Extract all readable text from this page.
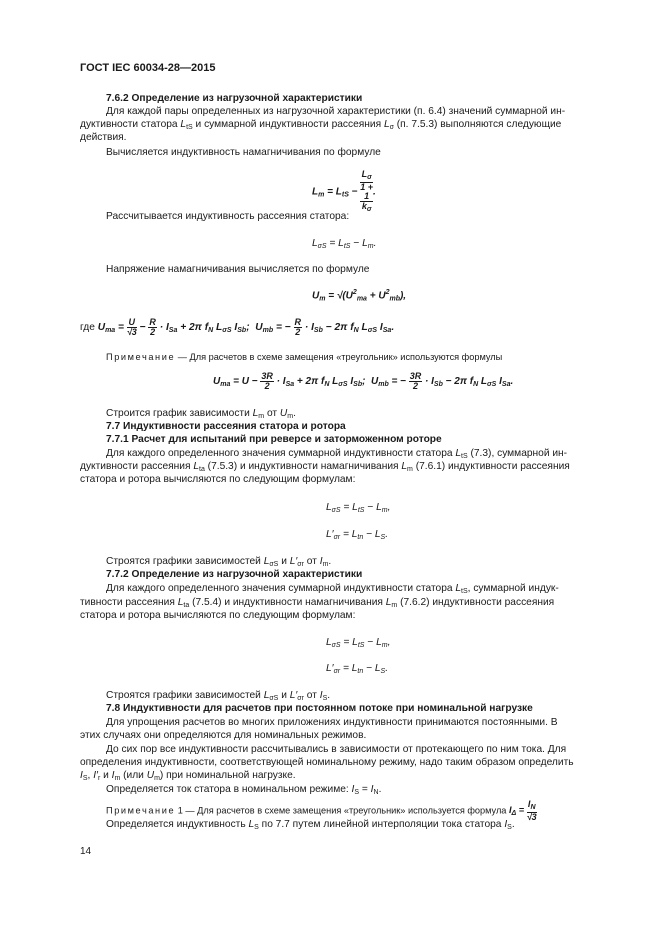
ГОСТ IEC 60034-28—2015
7.6.2 Определение из нагрузочной характеристики
Для каждой пары определенных из нагрузочной характеристики (п. 6.4) значений суммарной ин-
дуктивности статора $L_{tS}$ и суммарной индуктивности рассеяния $L_\sigma$ (п. 7.5.3) выполняются следующие
действия.
Вычисляется индуктивность намагничивания по формуле
$L_m = L_{tS} - L_\sigma$
1 +
1
$k_\sigma$ .
Рассчитывается индуктивность рассеяния статора:
$L_{\sigma S} = L_{tS} - L_m$.
Напряжение намагничивания вычисляется по формуле
$U_m = √(U^2_{ma} + U^2_{mb})$,
где $U_{ma} = \frac{U}{√3} - \frac{R}{2} \cdot I_{Sa} + 2\pi$ $f_N$ $L_{\sigma S}$ $I_{Sb}$;  $U_{mb}$ = − $\frac{R}{2} \cdot I_{Sb} - 2\pi$ $f_N$ $L_{\sigma S}$ $I_{Sa}$.
Примечание — Для расчетов в схеме замещения «треугольник» используются формулы
$U_{ma} = U - \frac{3R}{2} \cdot I_{Sa} + 2\pi$ $f_N$ $L_{\sigma S}$ $I_{Sb}$;  $U_{mb}$ = − $\frac{3R}{2} \cdot I_{Sb} - 2\pi$ $f_N$ $L_{\sigma S}$ $I_{Sa}$.
Строится график зависимости $L_m$ от $U_m$.
7.7 Индуктивности рассеяния статора и ротора
7.7.1 Расчет для испытаний при реверсе и заторможенном роторе
Для каждого определенного значения суммарной индуктивности статора $L_{tS}$ (7.3), суммарной ин-
дуктивности рассеяния $L_{ta}$ (7.5.3) и индуктивности намагничивания $L_m$ (7.6.1) индуктивности рассеяния
статора и ротора вычисляются по следующим формулам:
$L_{\sigma S} = L_{tS} - L_m$,
$L'_{\sigma r} = L_{tn} - L_S$.
Строятся графики зависимостей $L_{\sigma S}$ и $L'_{\sigma r}$ от $I_m$.
7.7.2 Определение из нагрузочной характеристики
Для каждого определенного значения суммарной индуктивности статора $L_{tS}$, суммарной индук-
тивности рассеяния $L_{ta}$ (7.5.4) и индуктивности намагничивания $L_m$ (7.6.2) индуктивности рассеяния
статора и ротора вычисляются по следующим формулам:
$L_{\sigma S} = L_{tS} - L_m$,
$L'_{\sigma r} = L_{tn} - L_S$.
Строятся графики зависимостей $L_{\sigma S}$ и $L'_{\sigma r}$ от $I_S$.
7.8 Индуктивности для расчетов при постоянном потоке при номинальной нагрузке
Для упрощения расчетов во многих приложениях индуктивности принимаются постоянными. В
этих случаях они определяются для номинальных режимов.
До сих пор все индуктивности рассчитывались в зависимости от протекающего по ним тока. Для
определения индуктивности, соответствующей номинальному режиму, надо таким образом определить
$I_S$, $I'_r$ и $I_m$ (или $U_m$) при номинальной нагрузке.
Определяется ток статора в номинальном режиме: $I_S = I_N$.
Примечание 1 — Для расчетов в схеме замещения «треугольник» используется формула $I_\Delta = \frac{I_N}{√3}$
Определяется индуктивность $L_S$ по 7.7 путем линейной интерполяции тока статора $I_S$.
14
